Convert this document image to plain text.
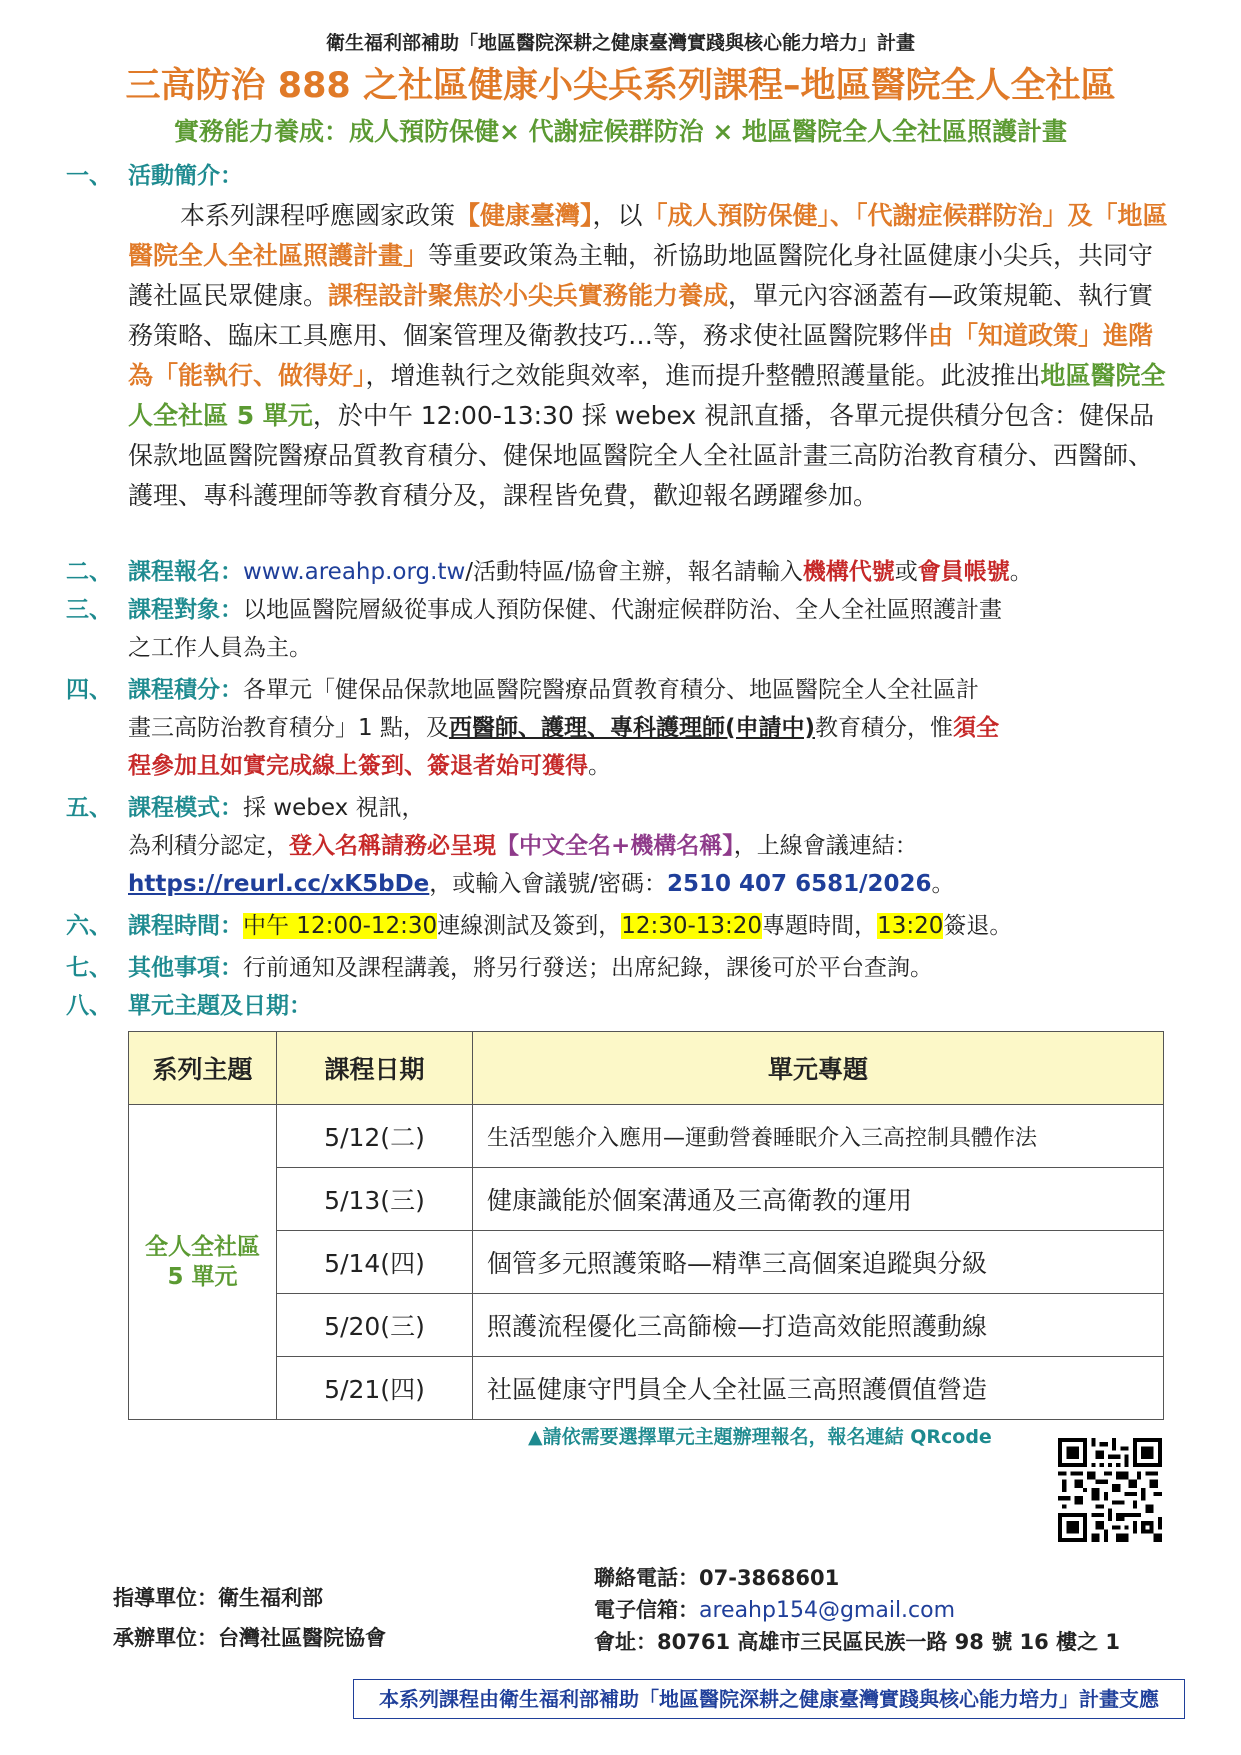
衛生福利部補助「地區醫院深耕之健康臺灣實踐與核心能力培力」計畫
三高防治 888 之社區健康小尖兵系列課程–地區醫院全人全社區
實務能力養成：成人預防保健× 代謝症候群防治 × 地區醫院全人全社區照護計畫
一、 活動簡介：
本系列課程呼應國家政策【健康臺灣】，以「成人預防保健」、「代謝症候群防治」及「地區醫院全人全社區照護計畫」等重要政策為主軸，祈協助地區醫院化身社區健康小尖兵，共同守護社區民眾健康。課程設計聚焦於小尖兵實務能力養成，單元內容涵蓋有—政策規範、執行實務策略、臨床工具應用、個案管理及衛教技巧…等，務求使社區醫院夥伴由「知道政策」進階為「能執行、做得好」，增進執行之效能與效率，進而提升整體照護量能。此波推出地區醫院全人全社區 5 單元，於中午 12:00-13:30 採 webex 視訊直播，各單元提供積分包含：健保品保款地區醫院醫療品質教育積分、健保地區醫院全人全社區計畫三高防治教育積分、西醫師、護理、專科護理師等教育積分及，課程皆免費，歡迎報名踴躍參加。
二、 課程報名：www.areahp.org.tw/活動特區/協會主辦，報名請輸入機構代號或會員帳號。
三、 課程對象：以地區醫院層級從事成人預防保健、代謝症候群防治、全人全社區照護計畫
之工作人員為主。
四、 課程積分：各單元「健保品保款地區醫院醫療品質教育積分、地區醫院全人全社區計
畫三高防治教育積分」1 點，及西醫師、護理、專科護理師(申請中)教育積分，惟須全
程參加且如實完成線上簽到、簽退者始可獲得。
五、 課程模式：採 webex 視訊，
為利積分認定，登入名稱請務必呈現【中文全名+機構名稱】，上線會議連結：
https://reurl.cc/xK5bDe，或輸入會議號/密碼：2510 407 6581/2026。
六、 課程時間：中午 12:00-12:30連線測試及簽到，12:30-13:20專題時間，13:20簽退。
七、 其他事項：行前通知及課程講義，將另行發送；出席紀錄，課後可於平台查詢。
八、 單元主題及日期：
系列主題	課程日期	單元專題

全人全社區
5 單元	5/12(二)	生活型態介入應用—運動營養睡眠介入三高控制具體作法
	5/13(三)	健康識能於個案溝通及三高衛教的運用
	5/14(四)	個管多元照護策略—精準三高個案追蹤與分級
	5/20(三)	照護流程優化三高篩檢—打造高效能照護動線
	5/21(四)	社區健康守門員全人全社區三高照護價值營造
▲請依需要選擇單元主題辦理報名，報名連結 QRcode
指導單位：衛生福利部
承辦單位：台灣社區醫院協會
聯絡電話：07-3868601
電子信箱：areahp154@gmail.com
會址：80761 高雄市三民區民族一路 98 號 16 樓之 1
本系列課程由衛生福利部補助「地區醫院深耕之健康臺灣實踐與核心能力培力」計畫支應
